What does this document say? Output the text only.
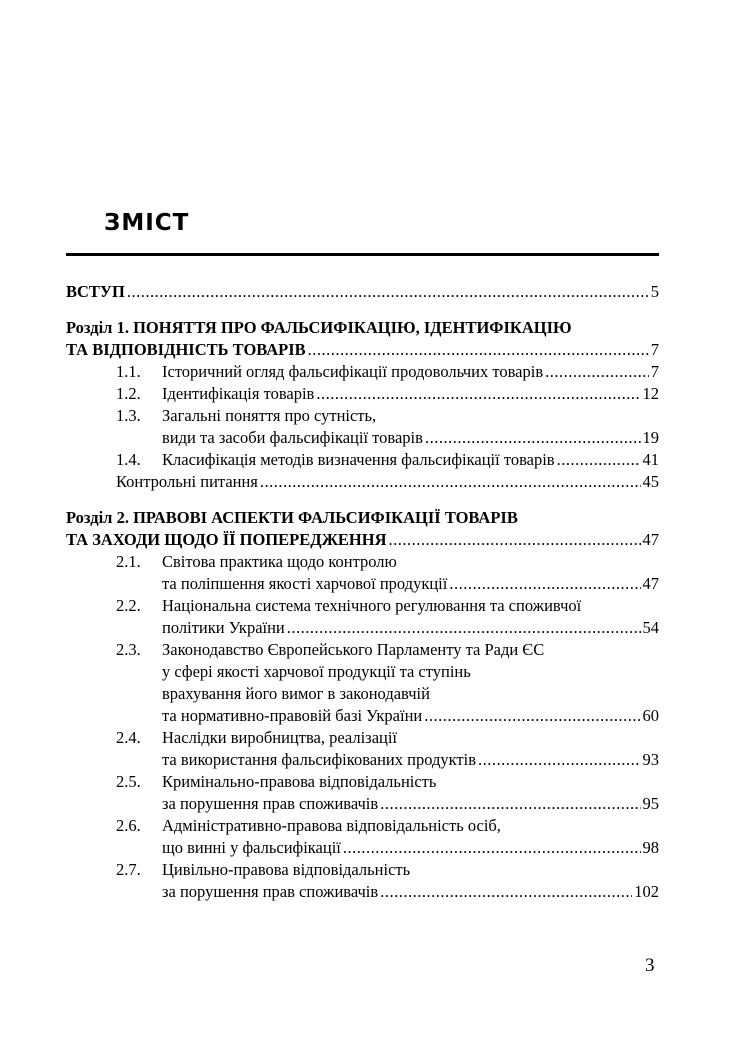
ЗМІСТ
ВСТУП .....	5
Розділ 1. ПОНЯТТЯ ПРО ФАЛЬСИФІКАЦІЮ, ІДЕНТИФІКАЦІЮ
ТА ВІДПОВІДНІСТЬ ТОВАРІВ .....	7
1.1.	Історичний огляд фальсифікації продовольчих товарів .....	7
1.2.	Ідентифікація товарів .....	12
1.3.	Загальні поняття про сутність,
види та засоби фальсифікації товарів .....	19
1.4.	Класифікація методів визначення фальсифікації товарів .....	41
Контрольні питання .....	45
Розділ 2. ПРАВОВІ АСПЕКТИ ФАЛЬСИФІКАЦІЇ ТОВАРІВ
ТА ЗАХОДИ ЩОДО ЇЇ ПОПЕРЕДЖЕННЯ .....	47
2.1.	Світова практика щодо контролю
та поліпшення якості харчової продукції .....	47
2.2.	Національна система технічного регулювання та споживчої
політики України .....	54
2.3.	Законодавство Європейського Парламенту та Ради ЄС
у сфері якості харчової продукції та ступінь
врахування його вимог в законодавчій
та нормативно-правовій базі України .....	60
2.4.	Наслідки виробництва, реалізації
та використання фальсифікованих продуктів .....	93
2.5.	Кримінально-правова відповідальність
за порушення прав споживачів .....	95
2.6.	Адміністративно-правова відповідальність осіб,
що винні у фальсифікації .....	98
2.7.	Цивільно-правова відповідальність
за порушення прав споживачів .....	102
3
